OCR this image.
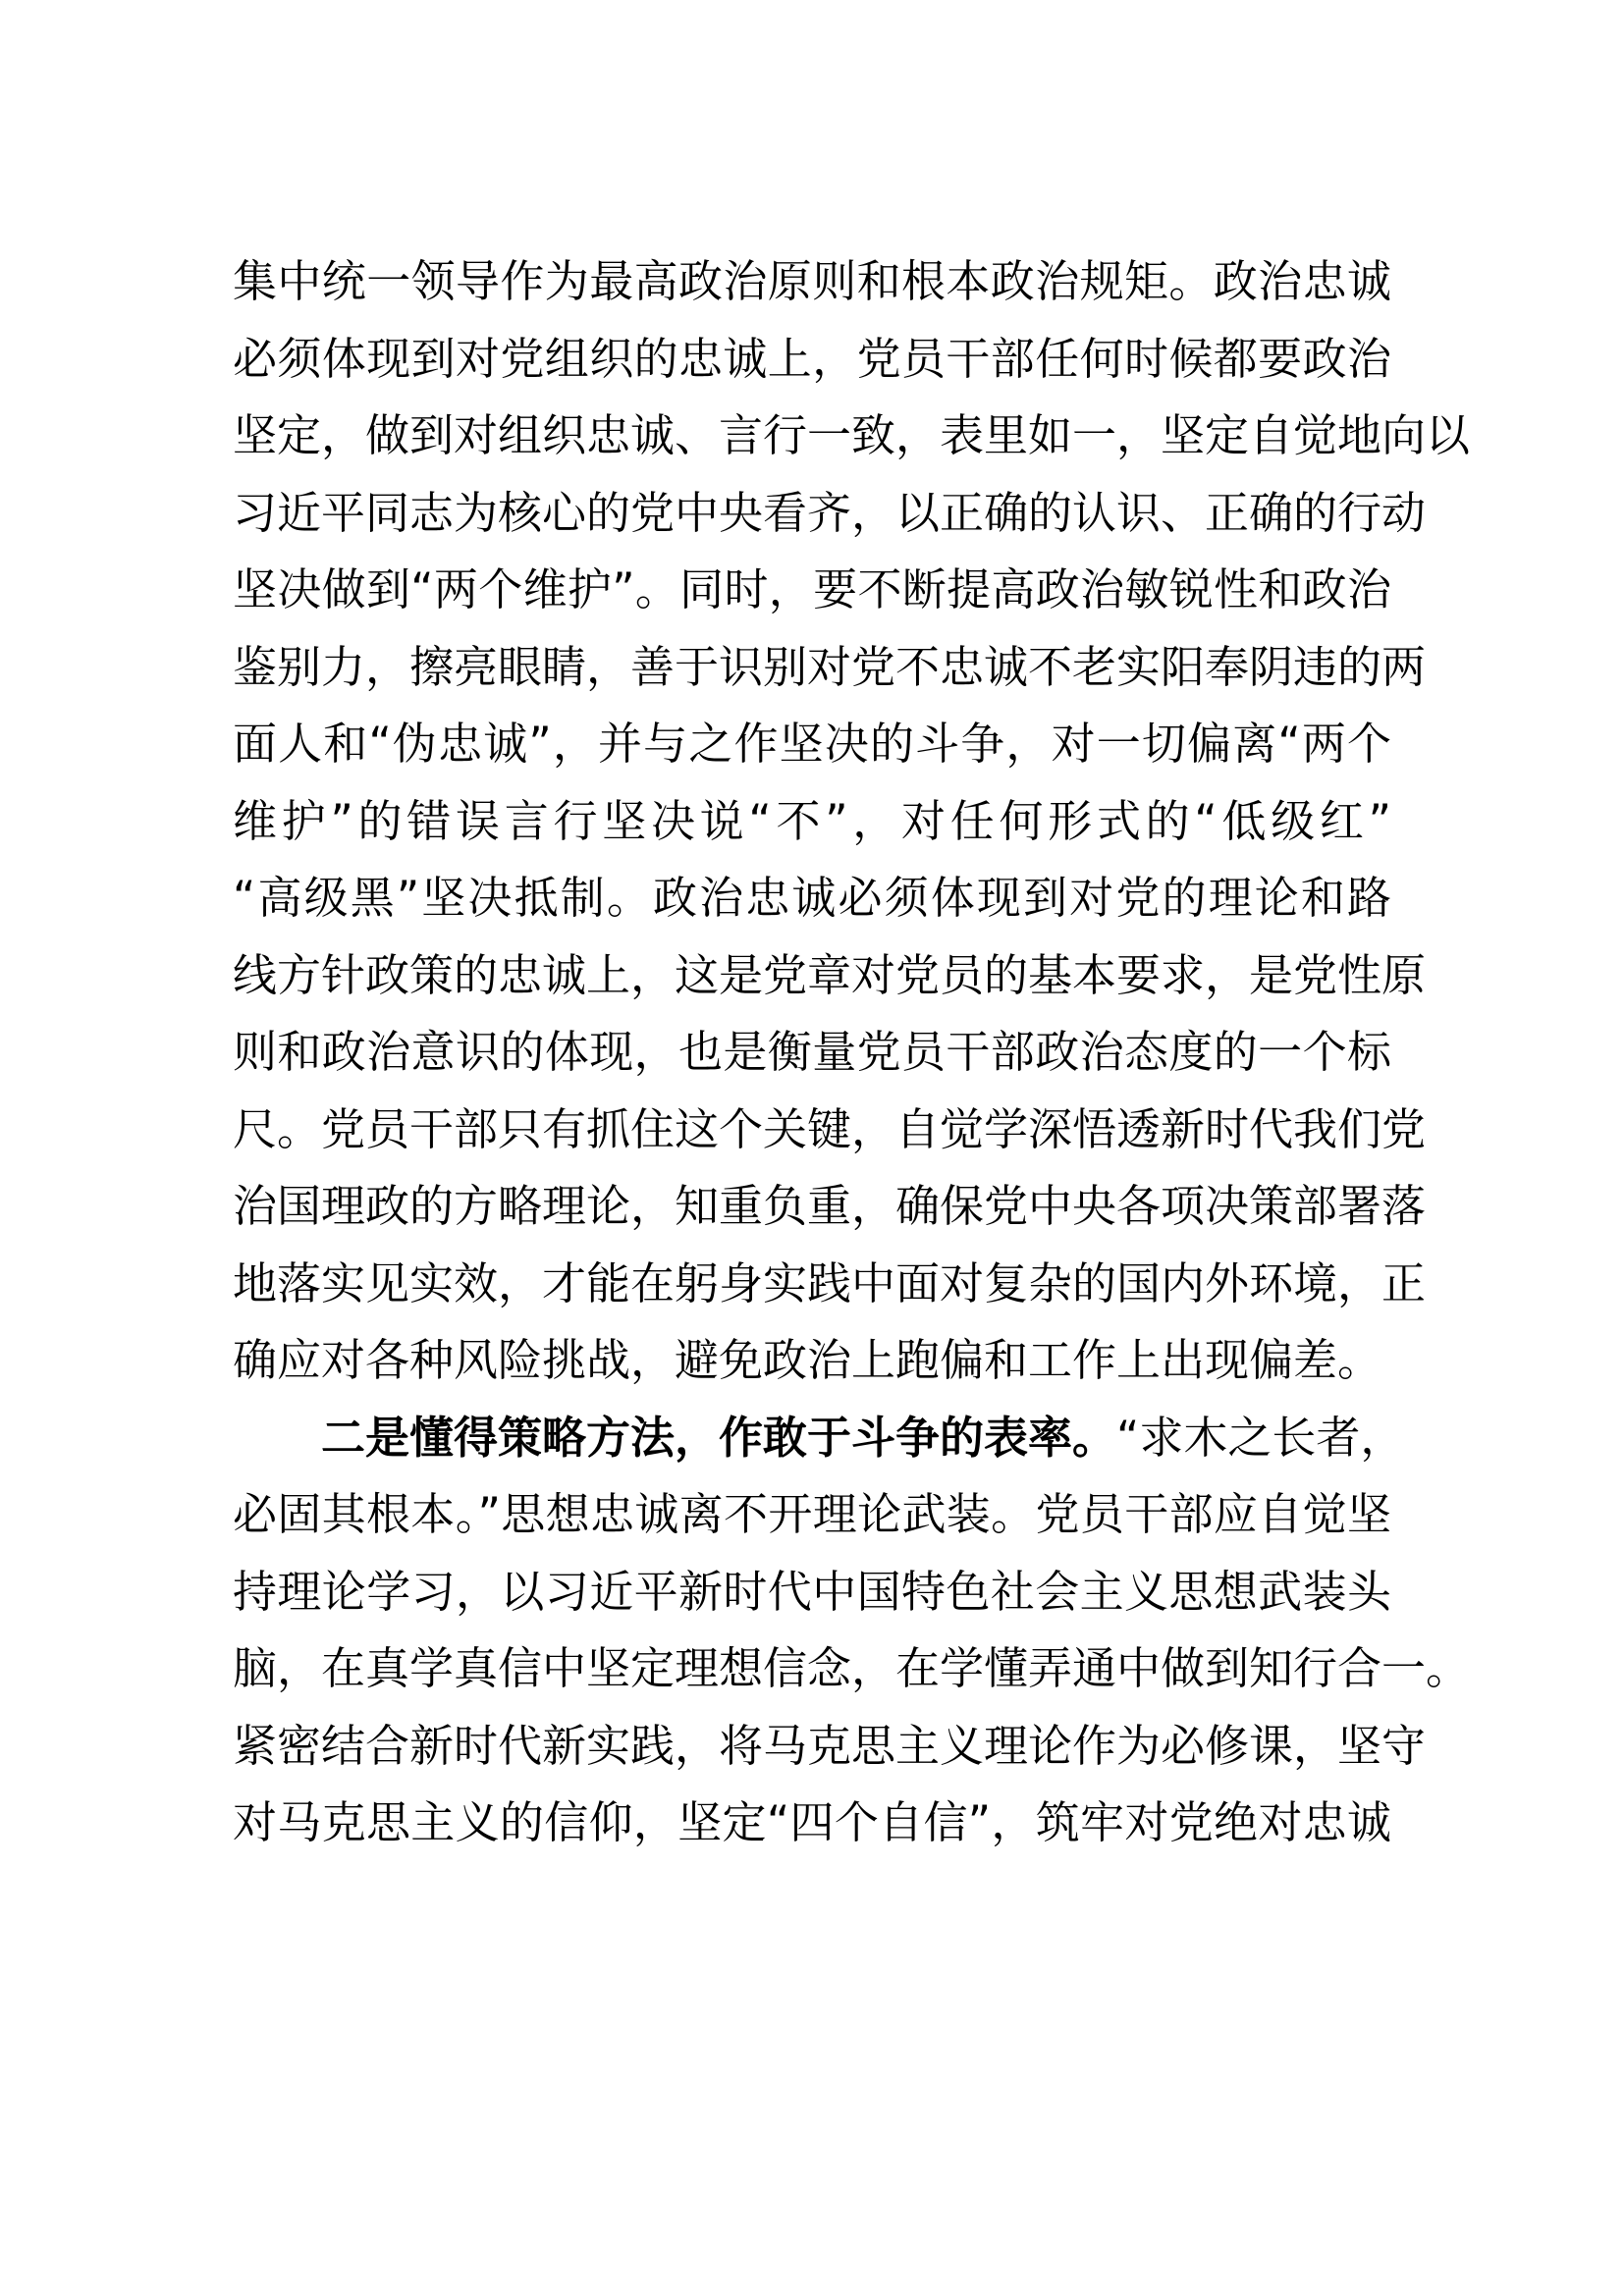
集中统一领导作为最高政治原则和根本政治规矩。政治忠诚
必须体现到对党组织的忠诚上，党员干部任何时候都要政治
坚定，做到对组织忠诚、言行一致，表里如一，坚定自觉地向以
习近平同志为核心的党中央看齐，以正确的认识、正确的行动
坚决做到“两个维护”。同时，要不断提高政治敏锐性和政治
鉴别力，擦亮眼睛，善于识别对党不忠诚不老实阳奉阴违的两
面人和“伪忠诚”，并与之作坚决的斗争，对一切偏离“两个
维护”的错误言行坚决说“不”，对任何形式的“低级红”
“高级黑”坚决抵制。政治忠诚必须体现到对党的理论和路
线方针政策的忠诚上，这是党章对党员的基本要求，是党性原
则和政治意识的体现，也是衡量党员干部政治态度的一个标
尺。党员干部只有抓住这个关键，自觉学深悟透新时代我们党
治国理政的方略理论，知重负重，确保党中央各项决策部署落
地落实见实效，才能在躬身实践中面对复杂的国内外环境，正
确应对各种风险挑战，避免政治上跑偏和工作上出现偏差。
二是懂得策略方法，作敢于斗争的表率。“求木之长者，
必固其根本。”思想忠诚离不开理论武装。党员干部应自觉坚
持理论学习，以习近平新时代中国特色社会主义思想武装头
脑，在真学真信中坚定理想信念，在学懂弄通中做到知行合一。
紧密结合新时代新实践，将马克思主义理论作为必修课，坚守
对马克思主义的信仰，坚定“四个自信”，筑牢对党绝对忠诚
